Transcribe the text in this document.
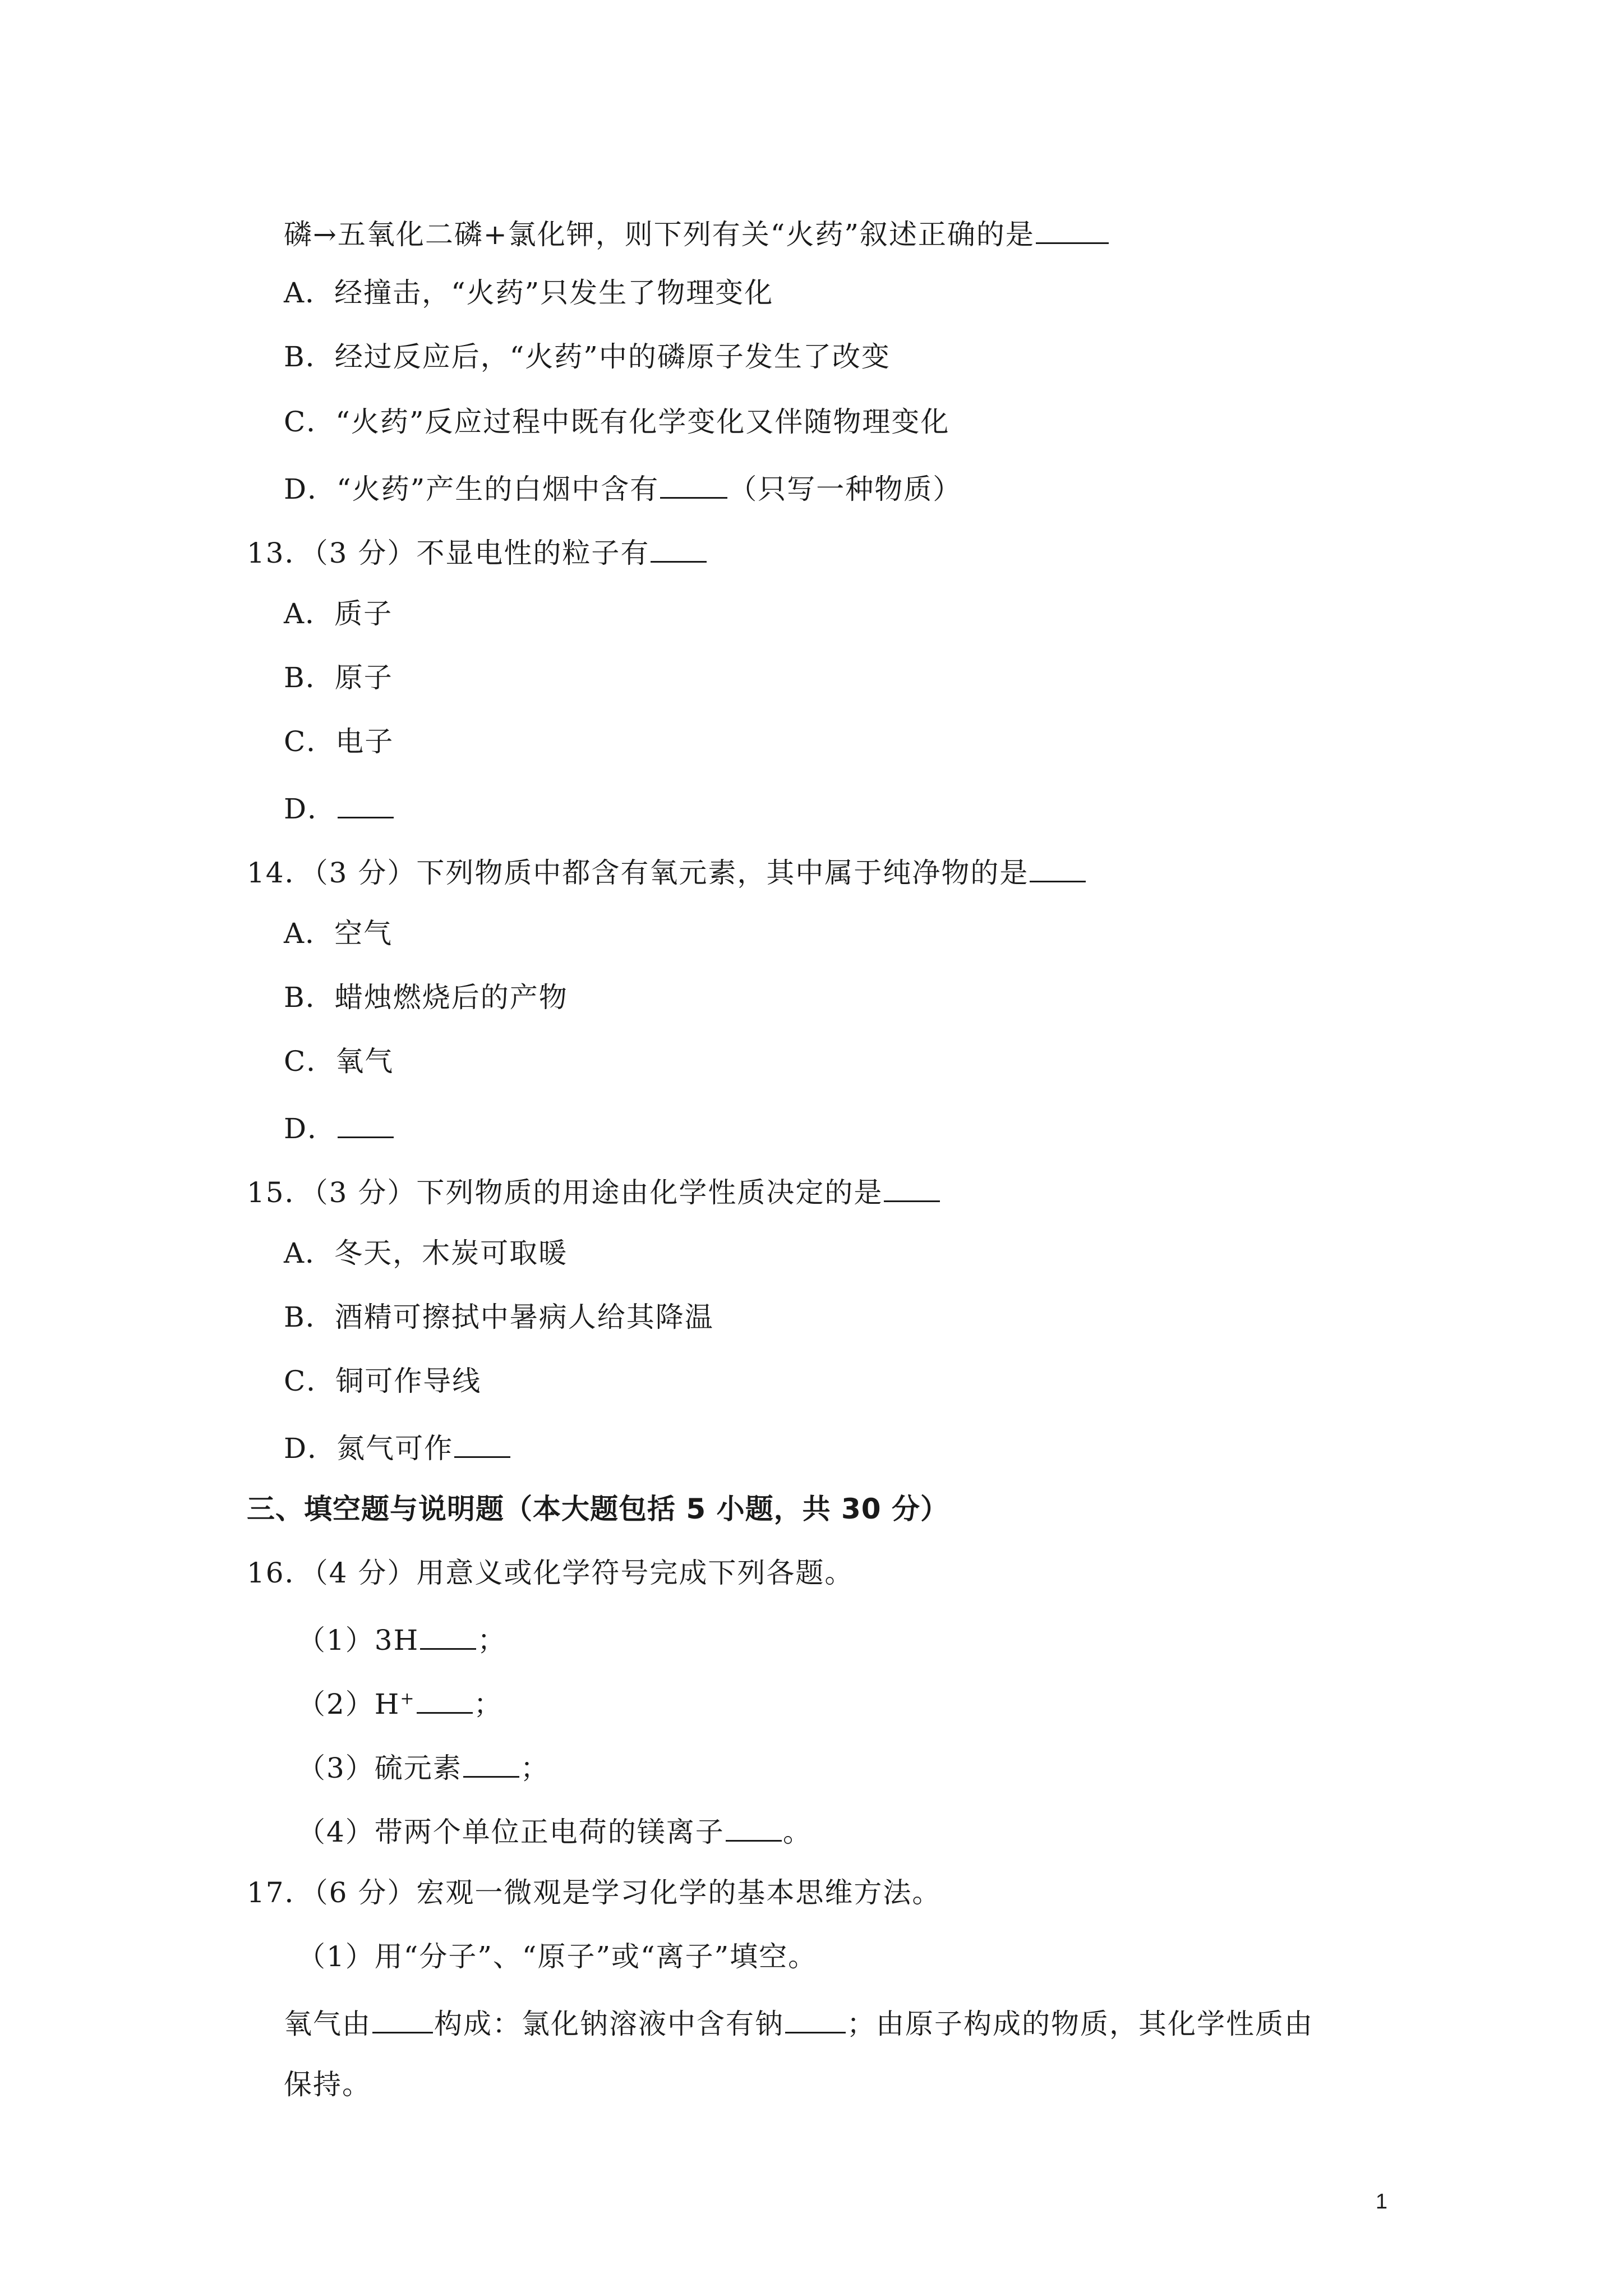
磷→五氧化二磷+氯化钾，则下列有关“火药”叙述正确的是
A．经撞击，“火药”只发生了物理变化
B．经过反应后，“火药”中的磷原子发生了改变
C．“火药”反应过程中既有化学变化又伴随物理变化
D．“火药”产生的白烟中含有 （只写一种物质）
13．（3 分）不显电性的粒子有
A．质子
B．原子
C．电子
D．
14．（3 分）下列物质中都含有氧元素，其中属于纯净物的是
A．空气
B．蜡烛燃烧后的产物
C．氧气
D．
15．（3 分）下列物质的用途由化学性质决定的是
A．冬天，木炭可取暖
B．酒精可擦拭中暑病人给其降温
C．铜可作导线
D．氮气可作
三、填空题与说明题（本大题包括 5 小题，共 30 分）
16．（4 分）用意义或化学符号完成下列各题。
（1）3H ；
（2）H+ ；
（3）硫元素 ；
（4）带两个单位正电荷的镁离子 。
17．（6 分）宏观一微观是学习化学的基本思维方法。
（1）用“分子”、“原子”或“离子”填空。
氧气由 构成：氯化钠溶液中含有钠 ；由原子构成的物质，其化学性质由
保持。
1
